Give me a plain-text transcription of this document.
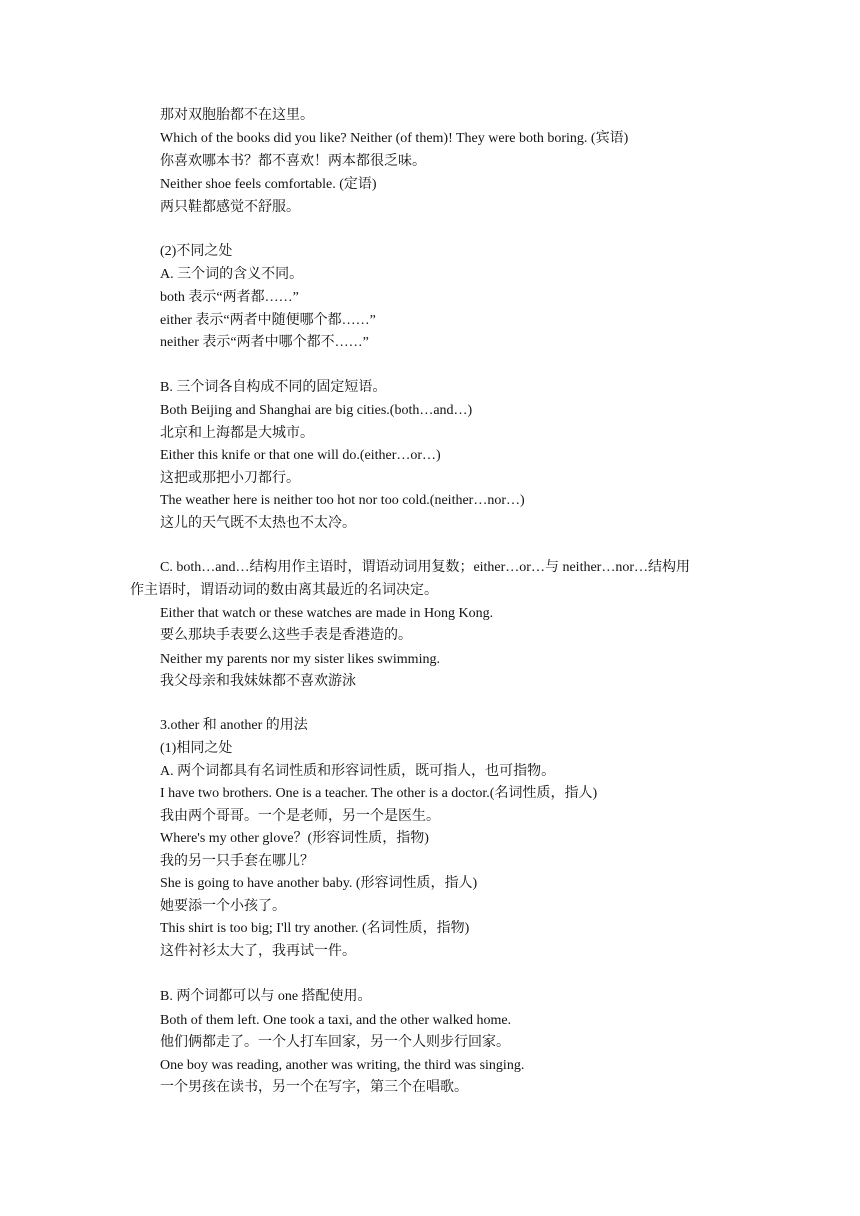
那对双胞胎都不在这里。
Which of the books did you like? Neither (of them)! They were both boring. (宾语)
你喜欢哪本书？都不喜欢！两本都很乏味。
Neither shoe feels comfortable. (定语)
两只鞋都感觉不舒服。
(2)不同之处
A. 三个词的含义不同。
both 表示“两者都……”
either 表示“两者中随便哪个都……”
neither 表示“两者中哪个都不……”
B. 三个词各自构成不同的固定短语。
Both Beijing and Shanghai are big cities.(both…and…)
北京和上海都是大城市。
Either this knife or that one will do.(either…or…)
这把或那把小刀都行。
The weather here is neither too hot nor too cold.(neither…nor…)
这儿的天气既不太热也不太冷。
C. both…and…结构用作主语时，谓语动词用复数；either…or…与 neither…nor…结构用
作主语时，谓语动词的数由离其最近的名词决定。
Either that watch or these watches are made in Hong Kong.
要么那块手表要么这些手表是香港造的。
Neither my parents nor my sister likes swimming.
我父母亲和我妹妹都不喜欢游泳
3.other 和 another 的用法
(1)相同之处
A. 两个词都具有名词性质和形容词性质，既可指人，也可指物。
I have two brothers. One is a teacher. The other is a doctor.(名词性质，指人)
我由两个哥哥。一个是老师，另一个是医生。
Where's my other glove？(形容词性质，指物)
我的另一只手套在哪儿？
She is going to have another baby. (形容词性质，指人)
她要添一个小孩了。
This shirt is too big; I'll try another. (名词性质，指物)
这件衬衫太大了，我再试一件。
B. 两个词都可以与 one 搭配使用。
Both of them left. One took a taxi, and the other walked home.
他们俩都走了。一个人打车回家，另一个人则步行回家。
One boy was reading, another was writing, the third was singing.
一个男孩在读书，另一个在写字，第三个在唱歌。
